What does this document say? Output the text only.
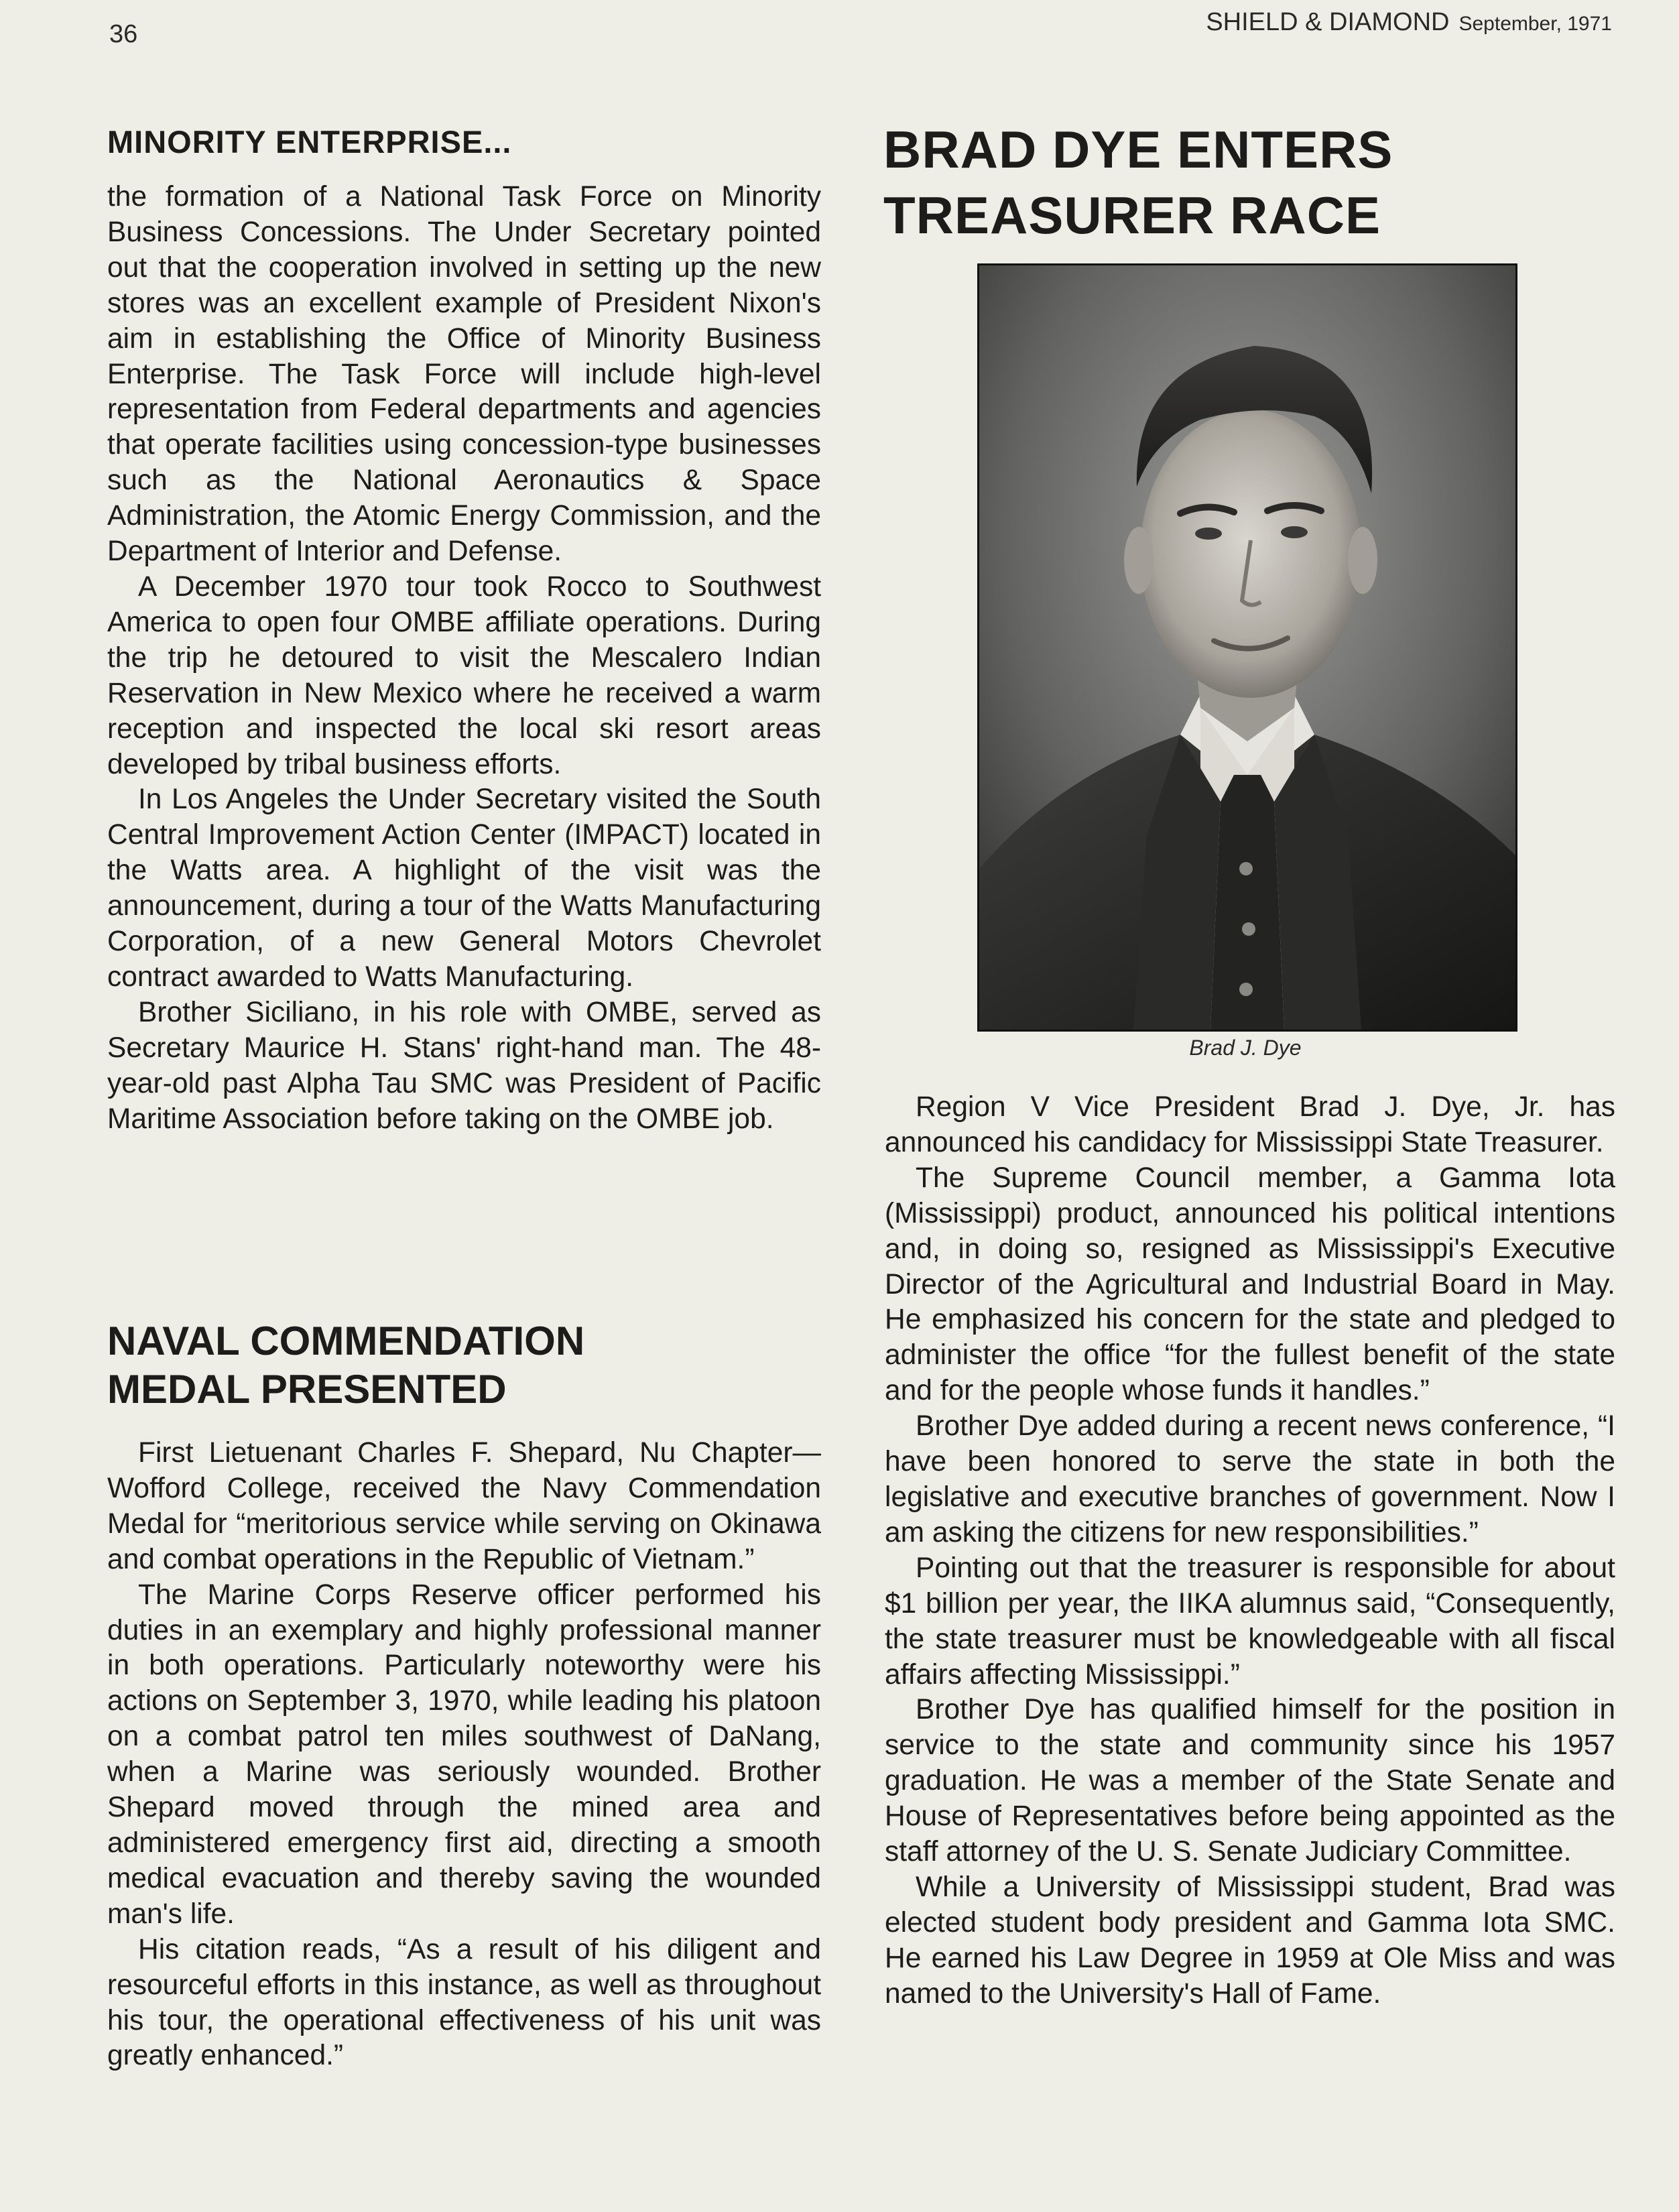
36	SHIELD & DIAMOND September, 1971
MINORITY ENTERPRISE...

the formation of a National Task Force on Minority Business Concessions. The Under Secretary pointed out that the cooperation involved in setting up the new stores was an excellent example of President Nixon's aim in establishing the Office of Minority Business Enterprise. The Task Force will include high-level representation from Federal departments and agencies that operate facilities using concession-type businesses such as the National Aeronautics & Space Administration, the Atomic Energy Commission, and the Department of Interior and Defense.

A December 1970 tour took Rocco to Southwest America to open four OMBE affiliate operations. During the trip he detoured to visit the Mescalero Indian Reservation in New Mexico where he received a warm reception and inspected the local ski resort areas developed by tribal business efforts.

In Los Angeles the Under Secretary visited the South Central Improvement Action Center (IMPACT) located in the Watts area. A highlight of the visit was the announcement, during a tour of the Watts Manufacturing Corporation, of a new General Motors Chevrolet contract awarded to Watts Manufacturing.

Brother Siciliano, in his role with OMBE, served as Secretary Maurice H. Stans' right-hand man. The 48-year-old past Alpha Tau SMC was President of Pacific Maritime Association before taking on the OMBE job.

NAVAL COMMENDATION
MEDAL PRESENTED

First Lietuenant Charles F. Shepard, Nu Chapter—Wofford College, received the Navy Commendation Medal for “meritorious service while serving on Okinawa and combat operations in the Republic of Vietnam.”

The Marine Corps Reserve officer performed his duties in an exemplary and highly professional manner in both operations. Particularly noteworthy were his actions on September 3, 1970, while leading his platoon on a combat patrol ten miles southwest of DaNang, when a Marine was seriously wounded. Brother Shepard moved through the mined area and administered emergency first aid, directing a smooth medical evacuation and thereby saving the wounded man's life.

His citation reads, “As a result of his diligent and resourceful efforts in this instance, as well as throughout his tour, the operational effectiveness of his unit was greatly enhanced.”

BRAD DYE ENTERS
TREASURER RACE
Brad J. Dye

Region V Vice President Brad J. Dye, Jr. has announced his candidacy for Mississippi State Treasurer.

The Supreme Council member, a Gamma Iota (Mississippi) product, announced his political intentions and, in doing so, resigned as Mississippi's Executive Director of the Agricultural and Industrial Board in May. He emphasized his concern for the state and pledged to administer the office “for the fullest benefit of the state and for the people whose funds it handles.”

Brother Dye added during a recent news conference, “I have been honored to serve the state in both the legislative and executive branches of government. Now I am asking the citizens for new responsibilities.”

Pointing out that the treasurer is responsible for about $1 billion per year, the IIKA alumnus said, “Consequently, the state treasurer must be knowledgeable with all fiscal affairs affecting Mississippi.”

Brother Dye has qualified himself for the position in service to the state and community since his 1957 graduation. He was a member of the State Senate and House of Representatives before being appointed as the staff attorney of the U. S. Senate Judiciary Committee.

While a University of Mississippi student, Brad was elected student body president and Gamma Iota SMC. He earned his Law Degree in 1959 at Ole Miss and was named to the University's Hall of Fame.
